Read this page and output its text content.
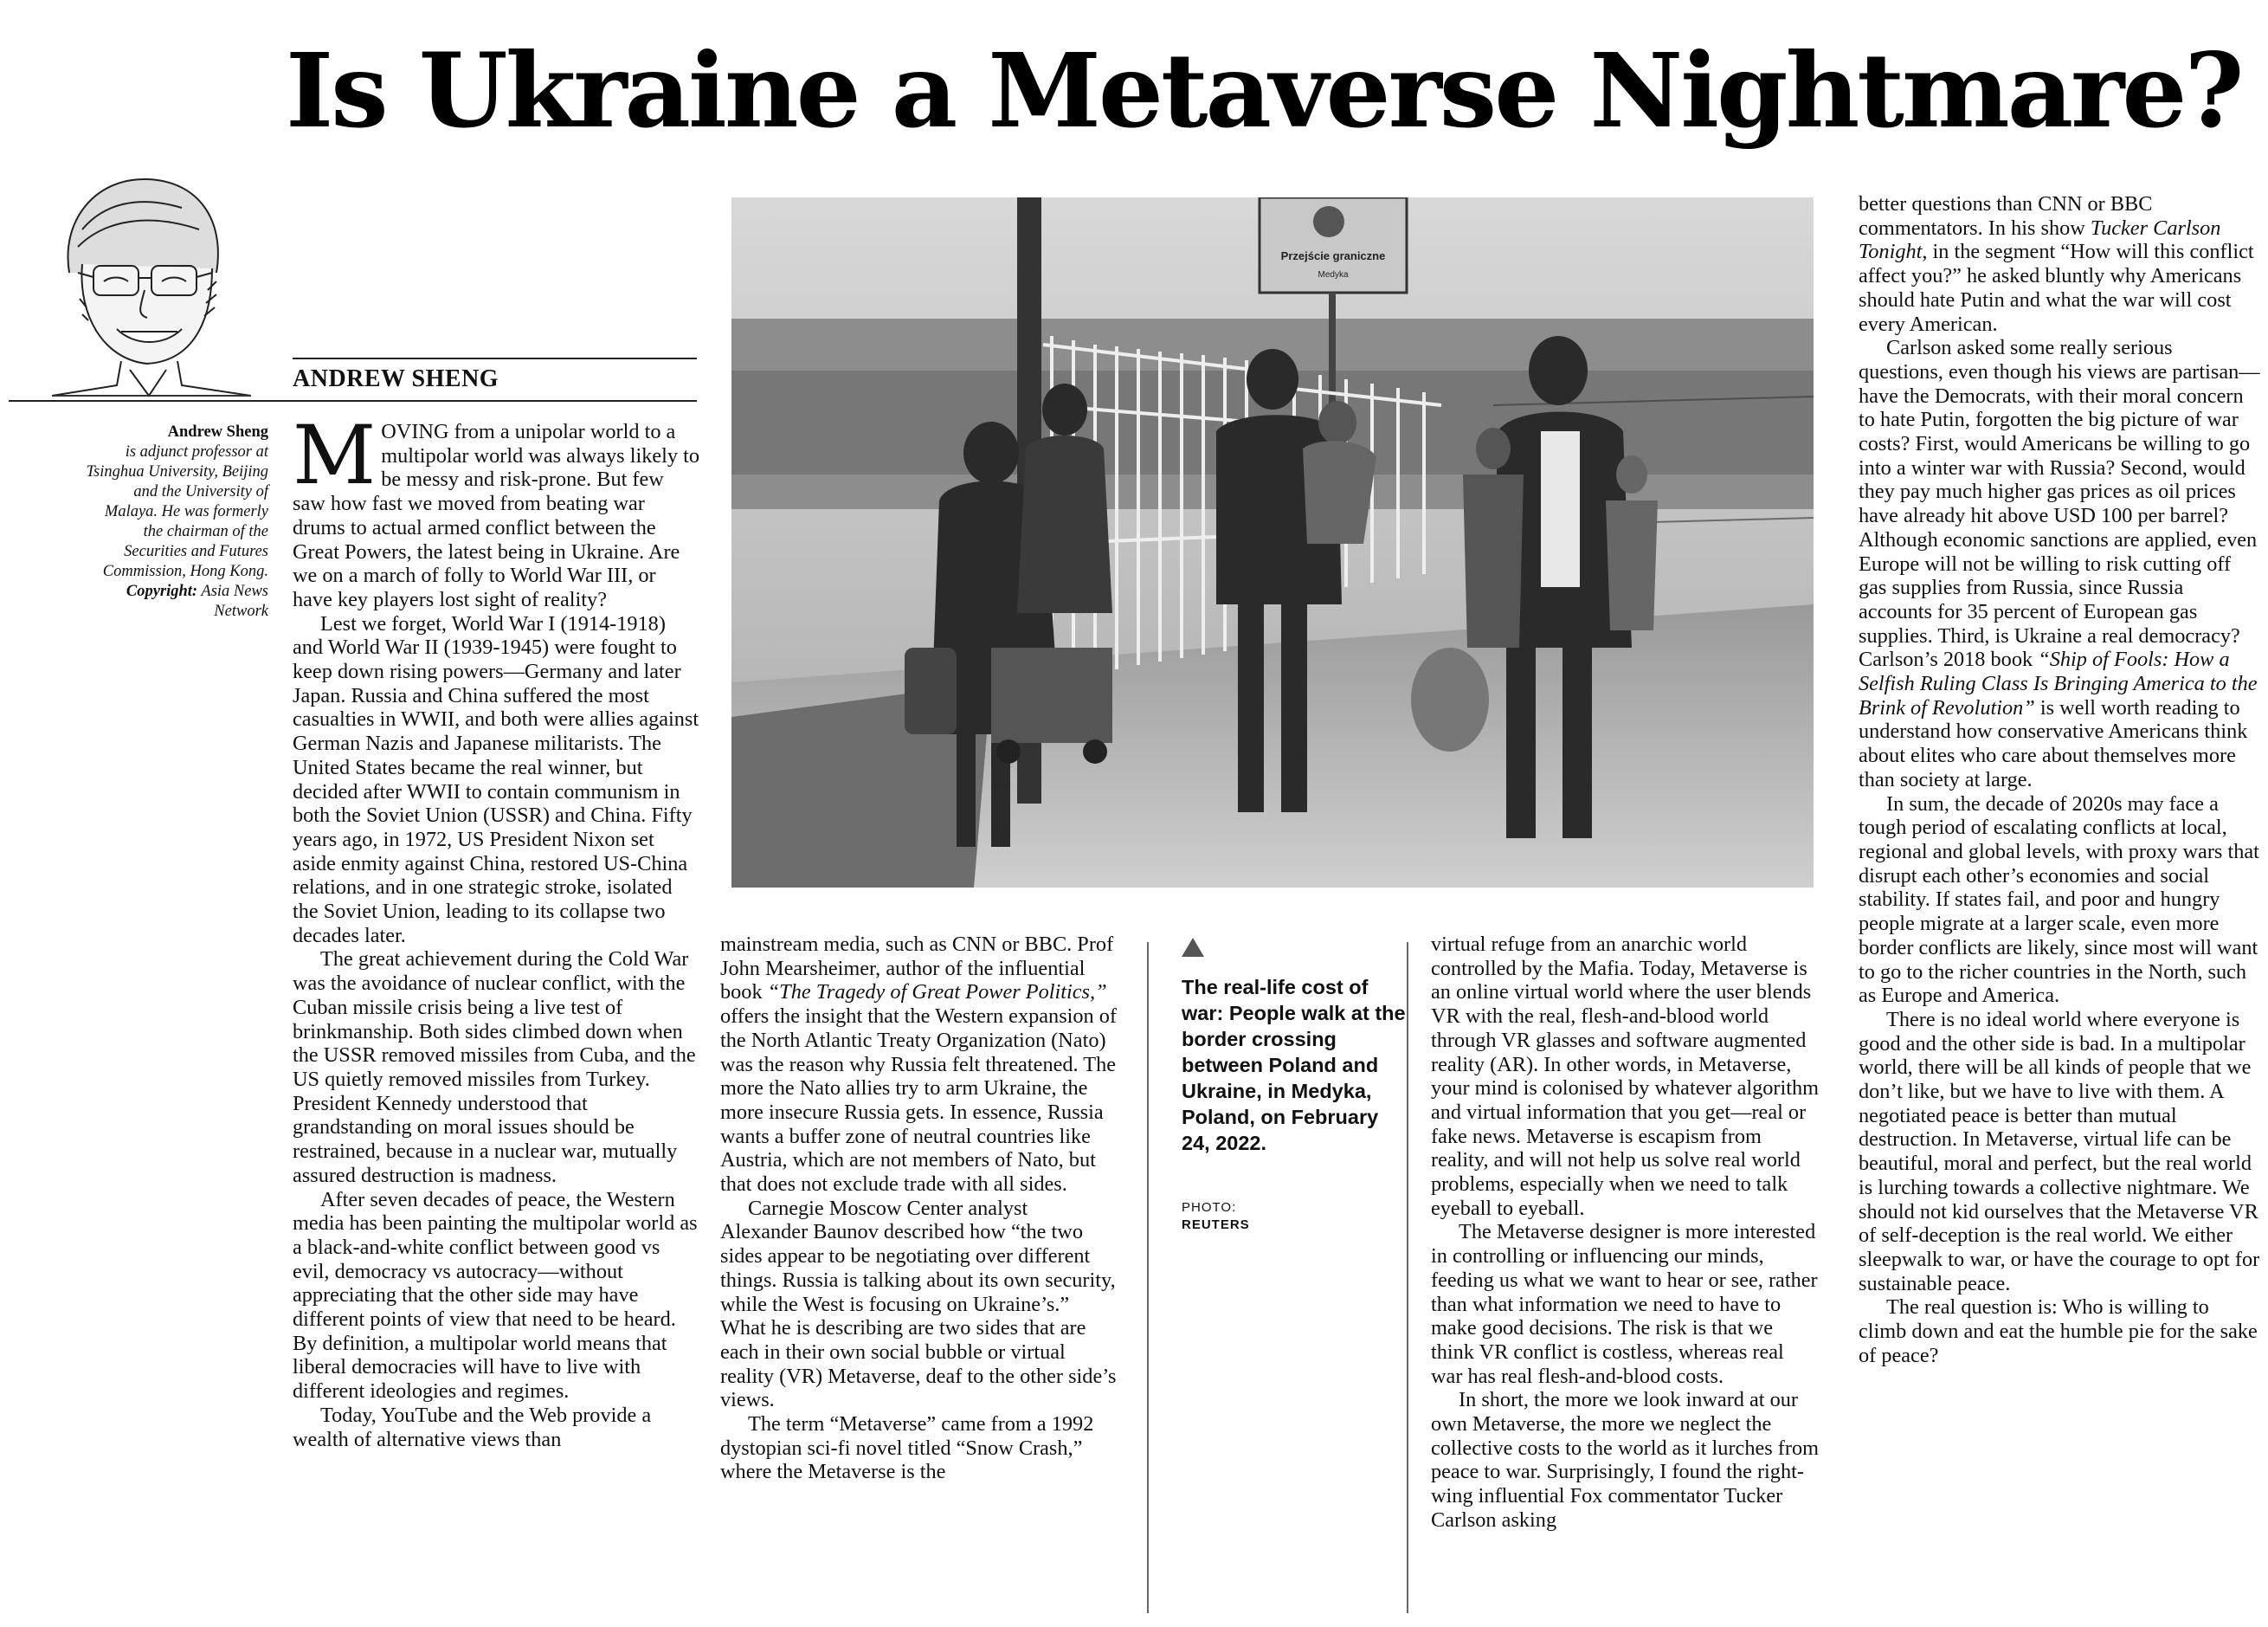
Is Ukraine a Metaverse Nightmare?
ANDREW SHENG
Andrew Sheng
is adjunct professor at Tsinghua University, Beijing and the University of Malaya. He was formerly the chairman of the Securities and Futures Commission, Hong Kong.
Copyright: Asia News Network

MOVING from a unipolar world to a multipolar world was always likely to be messy and risk-prone. But few saw how fast we moved from beating war drums to actual armed conflict between the Great Powers, the latest being in Ukraine. Are we on a march of folly to World War III, or have key players lost sight of reality?

Lest we forget, World War I (1914-1918) and World War II (1939-1945) were fought to keep down rising powers—Germany and later Japan. Russia and China suffered the most casualties in WWII, and both were allies against German Nazis and Japanese militarists. The United States became the real winner, but decided after WWII to contain communism in both the Soviet Union (USSR) and China. Fifty years ago, in 1972, US President Nixon set aside enmity against China, restored US-China relations, and in one strategic stroke, isolated the Soviet Union, leading to its collapse two decades later.

The great achievement during the Cold War was the avoidance of nuclear conflict, with the Cuban missile crisis being a live test of brinkmanship. Both sides climbed down when the USSR removed missiles from Cuba, and the US quietly removed missiles from Turkey. President Kennedy understood that grandstanding on moral issues should be restrained, because in a nuclear war, mutually assured destruction is madness.

After seven decades of peace, the Western media has been painting the multipolar world as a black-and-white conflict between good vs evil, democracy vs autocracy—without appreciating that the other side may have different points of view that need to be heard. By definition, a multipolar world means that liberal democracies will have to live with different ideologies and regimes.

Today, YouTube and the Web provide a wealth of alternative views than

Przejście graniczne
Medyka

mainstream media, such as CNN or BBC. Prof John Mearsheimer, author of the influential book “The Tragedy of Great Power Politics,” offers the insight that the Western expansion of the North Atlantic Treaty Organization (Nato) was the reason why Russia felt threatened. The more the Nato allies try to arm Ukraine, the more insecure Russia gets. In essence, Russia wants a buffer zone of neutral countries like Austria, which are not members of Nato, but that does not exclude trade with all sides.

Carnegie Moscow Center analyst Alexander Baunov described how “the two sides appear to be negotiating over different things. Russia is talking about its own security, while the West is focusing on Ukraine’s.” What he is describing are two sides that are each in their own social bubble or virtual reality (VR) Metaverse, deaf to the other side’s views.

The term “Metaverse” came from a 1992 dystopian sci-fi novel titled “Snow Crash,” where the Metaverse is the

The real-life cost of war: People walk at the border crossing between Poland and Ukraine, in Medyka, Poland, on February 24, 2022.
PHOTO:
REUTERS

virtual refuge from an anarchic world controlled by the Mafia. Today, Metaverse is an online virtual world where the user blends VR with the real, flesh-and-blood world through VR glasses and software augmented reality (AR). In other words, in Metaverse, your mind is colonised by whatever algorithm and virtual information that you get—real or fake news. Metaverse is escapism from reality, and will not help us solve real world problems, especially when we need to talk eyeball to eyeball.

The Metaverse designer is more interested in controlling or influencing our minds, feeding us what we want to hear or see, rather than what information we need to have to make good decisions. The risk is that we think VR conflict is costless, whereas real war has real flesh-and-blood costs.

In short, the more we look inward at our own Metaverse, the more we neglect the collective costs to the world as it lurches from peace to war. Surprisingly, I found the right-wing influential Fox commentator Tucker Carlson asking

better questions than CNN or BBC commentators. In his show Tucker Carlson Tonight, in the segment “How will this conflict affect you?” he asked bluntly why Americans should hate Putin and what the war will cost every American.

Carlson asked some really serious questions, even though his views are partisan—have the Democrats, with their moral concern to hate Putin, forgotten the big picture of war costs? First, would Americans be willing to go into a winter war with Russia? Second, would they pay much higher gas prices as oil prices have already hit above USD 100 per barrel? Although economic sanctions are applied, even Europe will not be willing to risk cutting off gas supplies from Russia, since Russia accounts for 35 percent of European gas supplies. Third, is Ukraine a real democracy? Carlson’s 2018 book “Ship of Fools: How a Selfish Ruling Class Is Bringing America to the Brink of Revolution” is well worth reading to understand how conservative Americans think about elites who care about themselves more than society at large.

In sum, the decade of 2020s may face a tough period of escalating conflicts at local, regional and global levels, with proxy wars that disrupt each other’s economies and social stability. If states fail, and poor and hungry people migrate at a larger scale, even more border conflicts are likely, since most will want to go to the richer countries in the North, such as Europe and America.

There is no ideal world where everyone is good and the other side is bad. In a multipolar world, there will be all kinds of people that we don’t like, but we have to live with them. A negotiated peace is better than mutual destruction. In Metaverse, virtual life can be beautiful, moral and perfect, but the real world is lurching towards a collective nightmare. We should not kid ourselves that the Metaverse VR of self-deception is the real world. We either sleepwalk to war, or have the courage to opt for sustainable peace.

The real question is: Who is willing to climb down and eat the humble pie for the sake of peace?
